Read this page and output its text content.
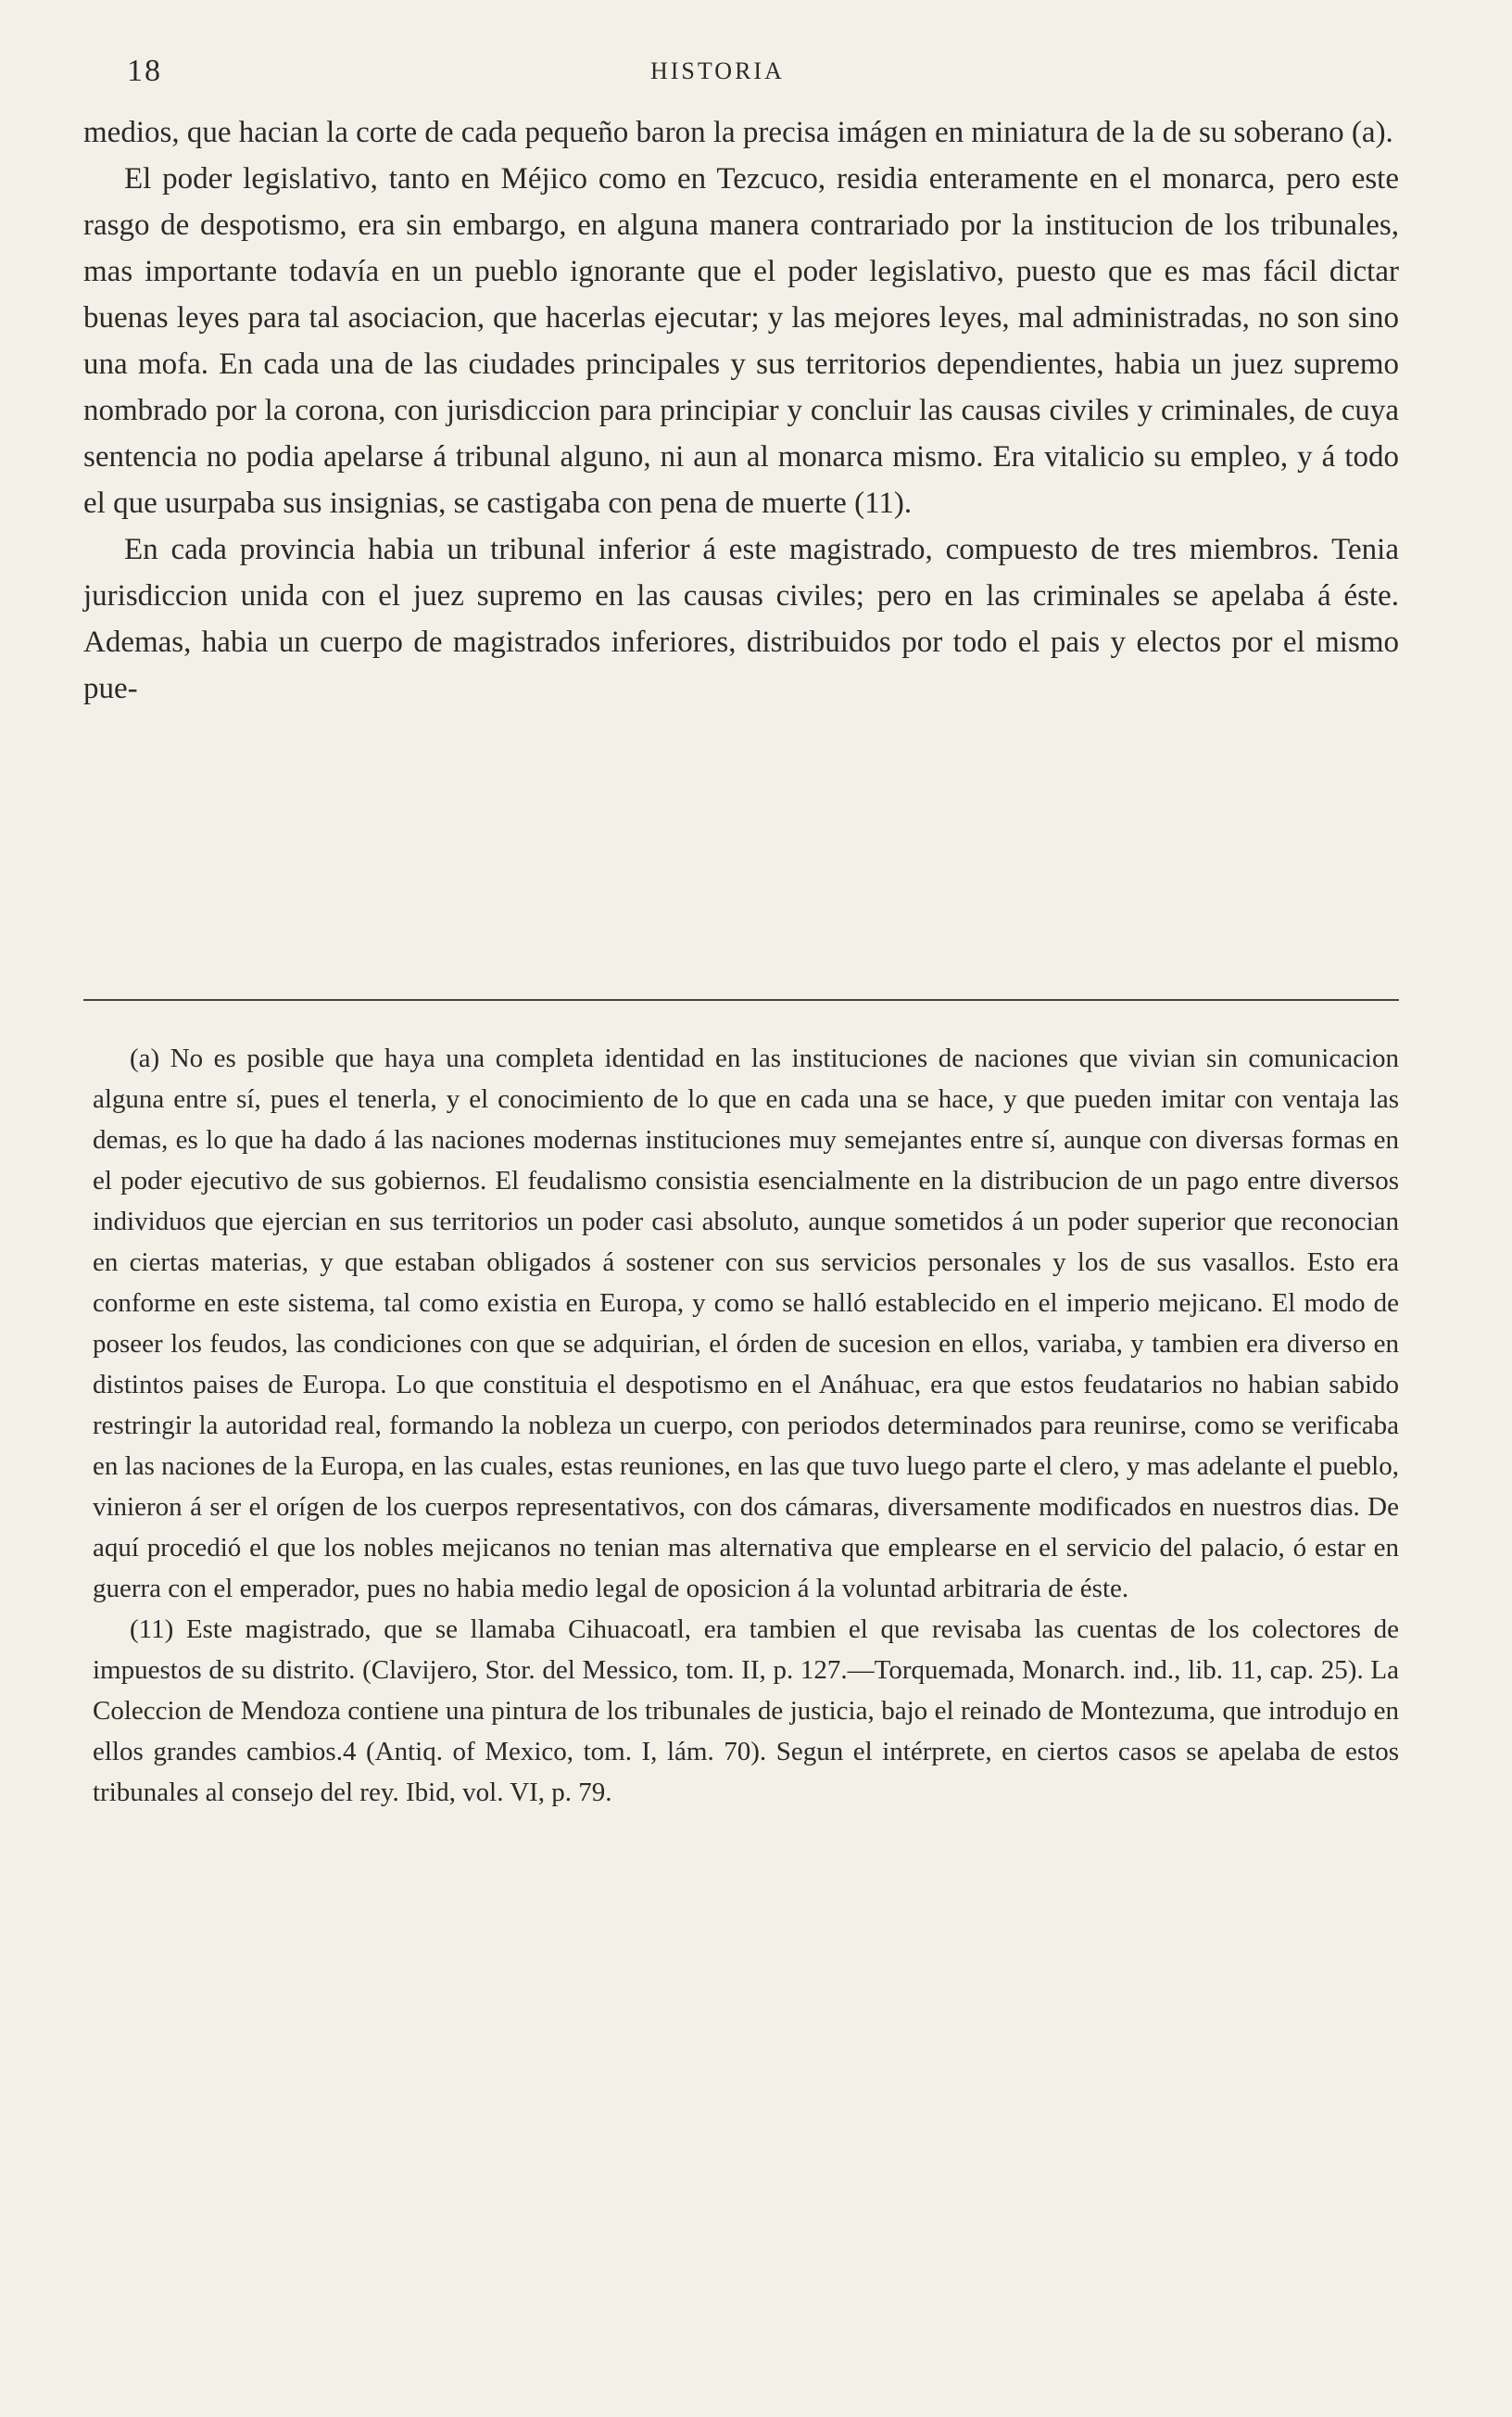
18	HISTORIA

medios, que hacian la corte de cada pequeño baron la precisa imágen en miniatura de la de su soberano (a).

El poder legislativo, tanto en Méjico como en Tezcuco, residia enteramente en el monarca, pero este rasgo de despotismo, era sin embargo, en alguna manera contrariado por la institucion de los tribunales, mas importante todavía en un pueblo ignorante que el poder legislativo, puesto que es mas fácil dictar buenas leyes para tal asociacion, que hacerlas ejecutar; y las mejores leyes, mal administradas, no son sino una mofa. En cada una de las ciudades principales y sus territorios dependientes, habia un juez supremo nombrado por la corona, con jurisdiccion para principiar y concluir las causas civiles y criminales, de cuya sentencia no podia apelarse á tribunal alguno, ni aun al monarca mismo. Era vitalicio su empleo, y á todo el que usurpaba sus insignias, se castigaba con pena de muerte (11).

En cada provincia habia un tribunal inferior á este magistrado, compuesto de tres miembros. Tenia jurisdiccion unida con el juez supremo en las causas civiles; pero en las criminales se apelaba á éste. Ademas, habia un cuerpo de magistrados inferiores, distribuidos por todo el pais y electos por el mismo pue-

(a) No es posible que haya una completa identidad en las instituciones de naciones que vivian sin comunicacion alguna entre sí, pues el tenerla, y el conocimiento de lo que en cada una se hace, y que pueden imitar con ventaja las demas, es lo que ha dado á las naciones modernas instituciones muy semejantes entre sí, aunque con diversas formas en el poder ejecutivo de sus gobiernos. El feudalismo consistia esencialmente en la distribucion de un pago entre diversos individuos que ejercian en sus territorios un poder casi absoluto, aunque sometidos á un poder superior que reconocian en ciertas materias, y que estaban obligados á sostener con sus servicios personales y los de sus vasallos. Esto era conforme en este sistema, tal como existia en Europa, y como se halló establecido en el imperio mejicano. El modo de poseer los feudos, las condiciones con que se adquirian, el órden de sucesion en ellos, variaba, y tambien era diverso en distintos paises de Europa. Lo que constituia el despotismo en el Anáhuac, era que estos feudatarios no habian sabido restringir la autoridad real, formando la nobleza un cuerpo, con periodos determinados para reunirse, como se verificaba en las naciones de la Europa, en las cuales, estas reuniones, en las que tuvo luego parte el clero, y mas adelante el pueblo, vinieron á ser el orígen de los cuerpos representativos, con dos cámaras, diversamente modificados en nuestros dias. De aquí procedió el que los nobles mejicanos no tenian mas alternativa que emplearse en el servicio del palacio, ó estar en guerra con el emperador, pues no habia medio legal de oposicion á la voluntad arbitraria de éste.

(11) Este magistrado, que se llamaba Cihuacoatl, era tambien el que revisaba las cuentas de los colectores de impuestos de su distrito. (Clavijero, Stor. del Messico, tom. II, p. 127.—Torquemada, Monarch. ind., lib. 11, cap. 25). La Coleccion de Mendoza contiene una pintura de los tribunales de justicia, bajo el reinado de Montezuma, que introdujo en ellos grandes cambios.4 (Antiq. of Mexico, tom. I, lám. 70). Segun el intérprete, en ciertos casos se apelaba de estos tribunales al consejo del rey. Ibid, vol. VI, p. 79.
